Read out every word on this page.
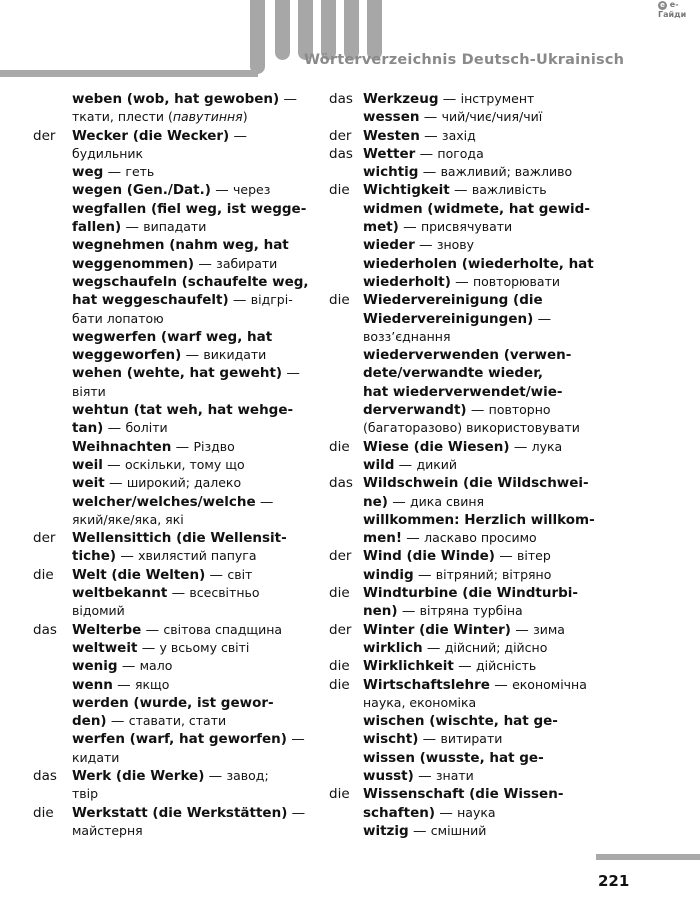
Wörterverzeichnis Deutsch-Ukrainisch
e e-Гайди
weben (wob, hat gewoben) —
ткати, плести (павутиння)
der Wecker (die Wecker) —
будильник
weg — геть
wegen (Gen./Dat.) — через
wegfallen (fiel weg, ist wegge-
fallen) — випадати
wegnehmen (nahm weg, hat
weggenommen) — забирати
wegschaufeln (schaufelte weg,
hat weggeschaufelt) — відгрі-
бати лопатою
wegwerfen (warf weg, hat
weggeworfen) — викидати
wehen (wehte, hat geweht) —
віяти
wehtun (tat weh, hat wehge-
tan) — боліти
Weihnachten — Різдво
weil — оскільки, тому що
weit — широкий; далеко
welcher/welches/welche —
який/яке/яка, які
der Wellensittich (die Wellensit-
tiche) — хвилястий папуга
die Welt (die Welten) — світ
weltbekannt — всесвітньо
відомий
das Welterbe — світова спадщина
weltweit — у всьому світі
wenig — мало
wenn — якщо
werden (wurde, ist gewor-
den) — ставати, стати
werfen (warf, hat geworfen) —
кидати
das Werk (die Werke) — завод;
твір
die Werkstatt (die Werkstätten) —
майстерня
das Werkzeug — інструмент
wessen — чий/чиє/чия/чиї
der Westen — захід
das Wetter — погода
wichtig — важливий; важливо
die Wichtigkeit — важливість
widmen (widmete, hat gewid-
met) — присвячувати
wieder — знову
wiederholen (wiederholte, hat
wiederholt) — повторювати
die Wiedervereinigung (die
Wiedervereinigungen) —
возз’єднання
wiederverwenden (verwen-
dete/verwandte wieder,
hat wiederverwendet/wie-
derverwandt) — повторно
(багаторазово) використовувати
die Wiese (die Wiesen) — лука
wild — дикий
das Wildschwein (die Wildschwei-
ne) — дика свиня
willkommen: Herzlich willkom-
men! — ласкаво просимо
der Wind (die Winde) — вітер
windig — вітряний; вітряно
die Windturbine (die Windturbi-
nen) — вітряна турбіна
der Winter (die Winter) — зима
wirklich — дійсний; дійсно
die Wirklichkeit — дійсність
die Wirtschaftslehre — економічна
наука, економіка
wischen (wischte, hat ge-
wischt) — витирати
wissen (wusste, hat ge-
wusst) — знати
die Wissenschaft (die Wissen-
schaften) — наука
witzig — смішний
221
